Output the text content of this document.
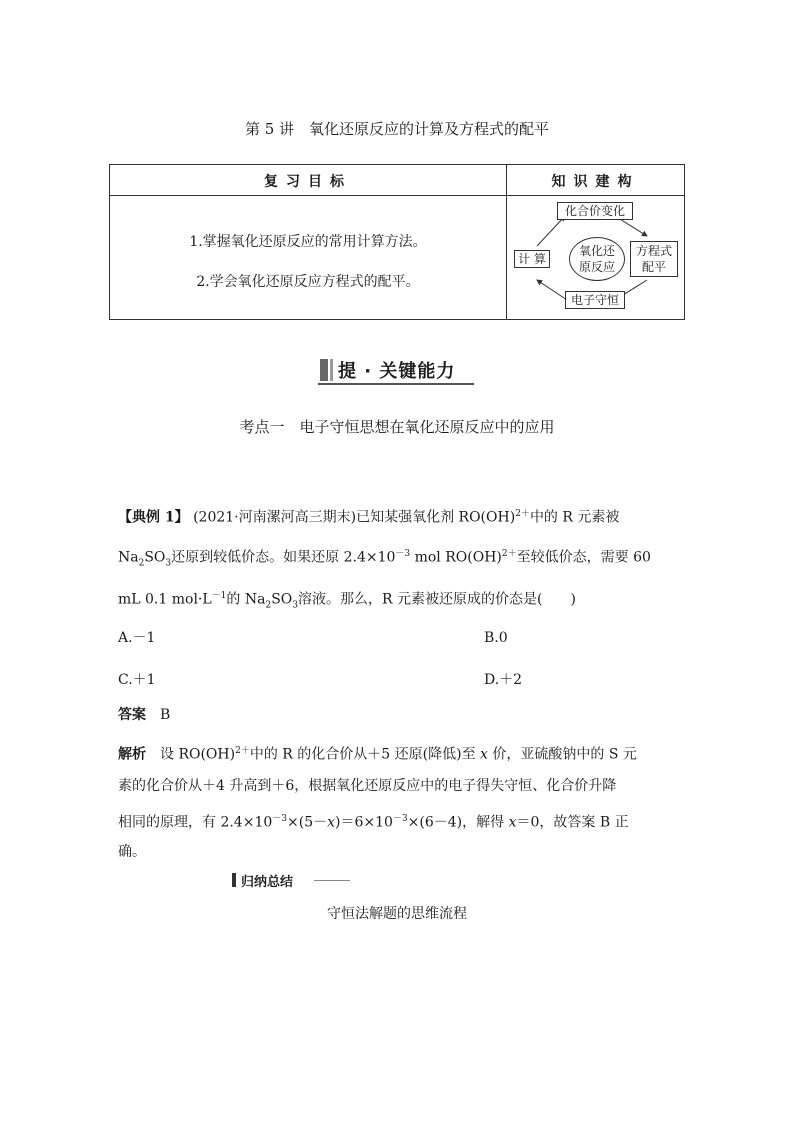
第 5 讲　氧化还原反应的计算及方程式的配平
复习目标	知识建构
1.掌握氧化还原反应的常用计算方法。
2.学会氧化还原反应方程式的配平。
化合价变化
氧化还
原反应
计 算
方程式
配平
电子守恒
提 · 关键能力
考点一　电子守恒思想在氧化还原反应中的应用
【典例 1】 (2021·河南漯河高三期末)已知某强氧化剂 RO(OH)$^{2+}$中的 R 元素被
$Na_2SO_3$还原到较低价态。如果还原 $2.4\times 10^{-3}$ mol RO(OH)$^{2+}$至较低价态，需要 60
mL 0.1 $mol\cdot L^{-1}$的 $Na_2SO_3$溶液。那么，R 元素被还原成的价态是(　　)
A.－1	B.0
C.＋1	D.＋2
答案　 B
解析　 设 RO(OH)$^{2+}$中的 R 的化合价从＋5 还原(降低)至 x 价，亚硫酸钠中的 S 元
素的化合价从＋4 升高到＋6，根据氧化还原反应中的电子得失守恒、化合价升降
相同的原理，有 $2.4\times 10^{-3}\times(5-x)=6\times 10^{-3}\times(6-4)$，解得 x＝0，故答案 B 正
确。
归纳总结
守恒法解题的思维流程
